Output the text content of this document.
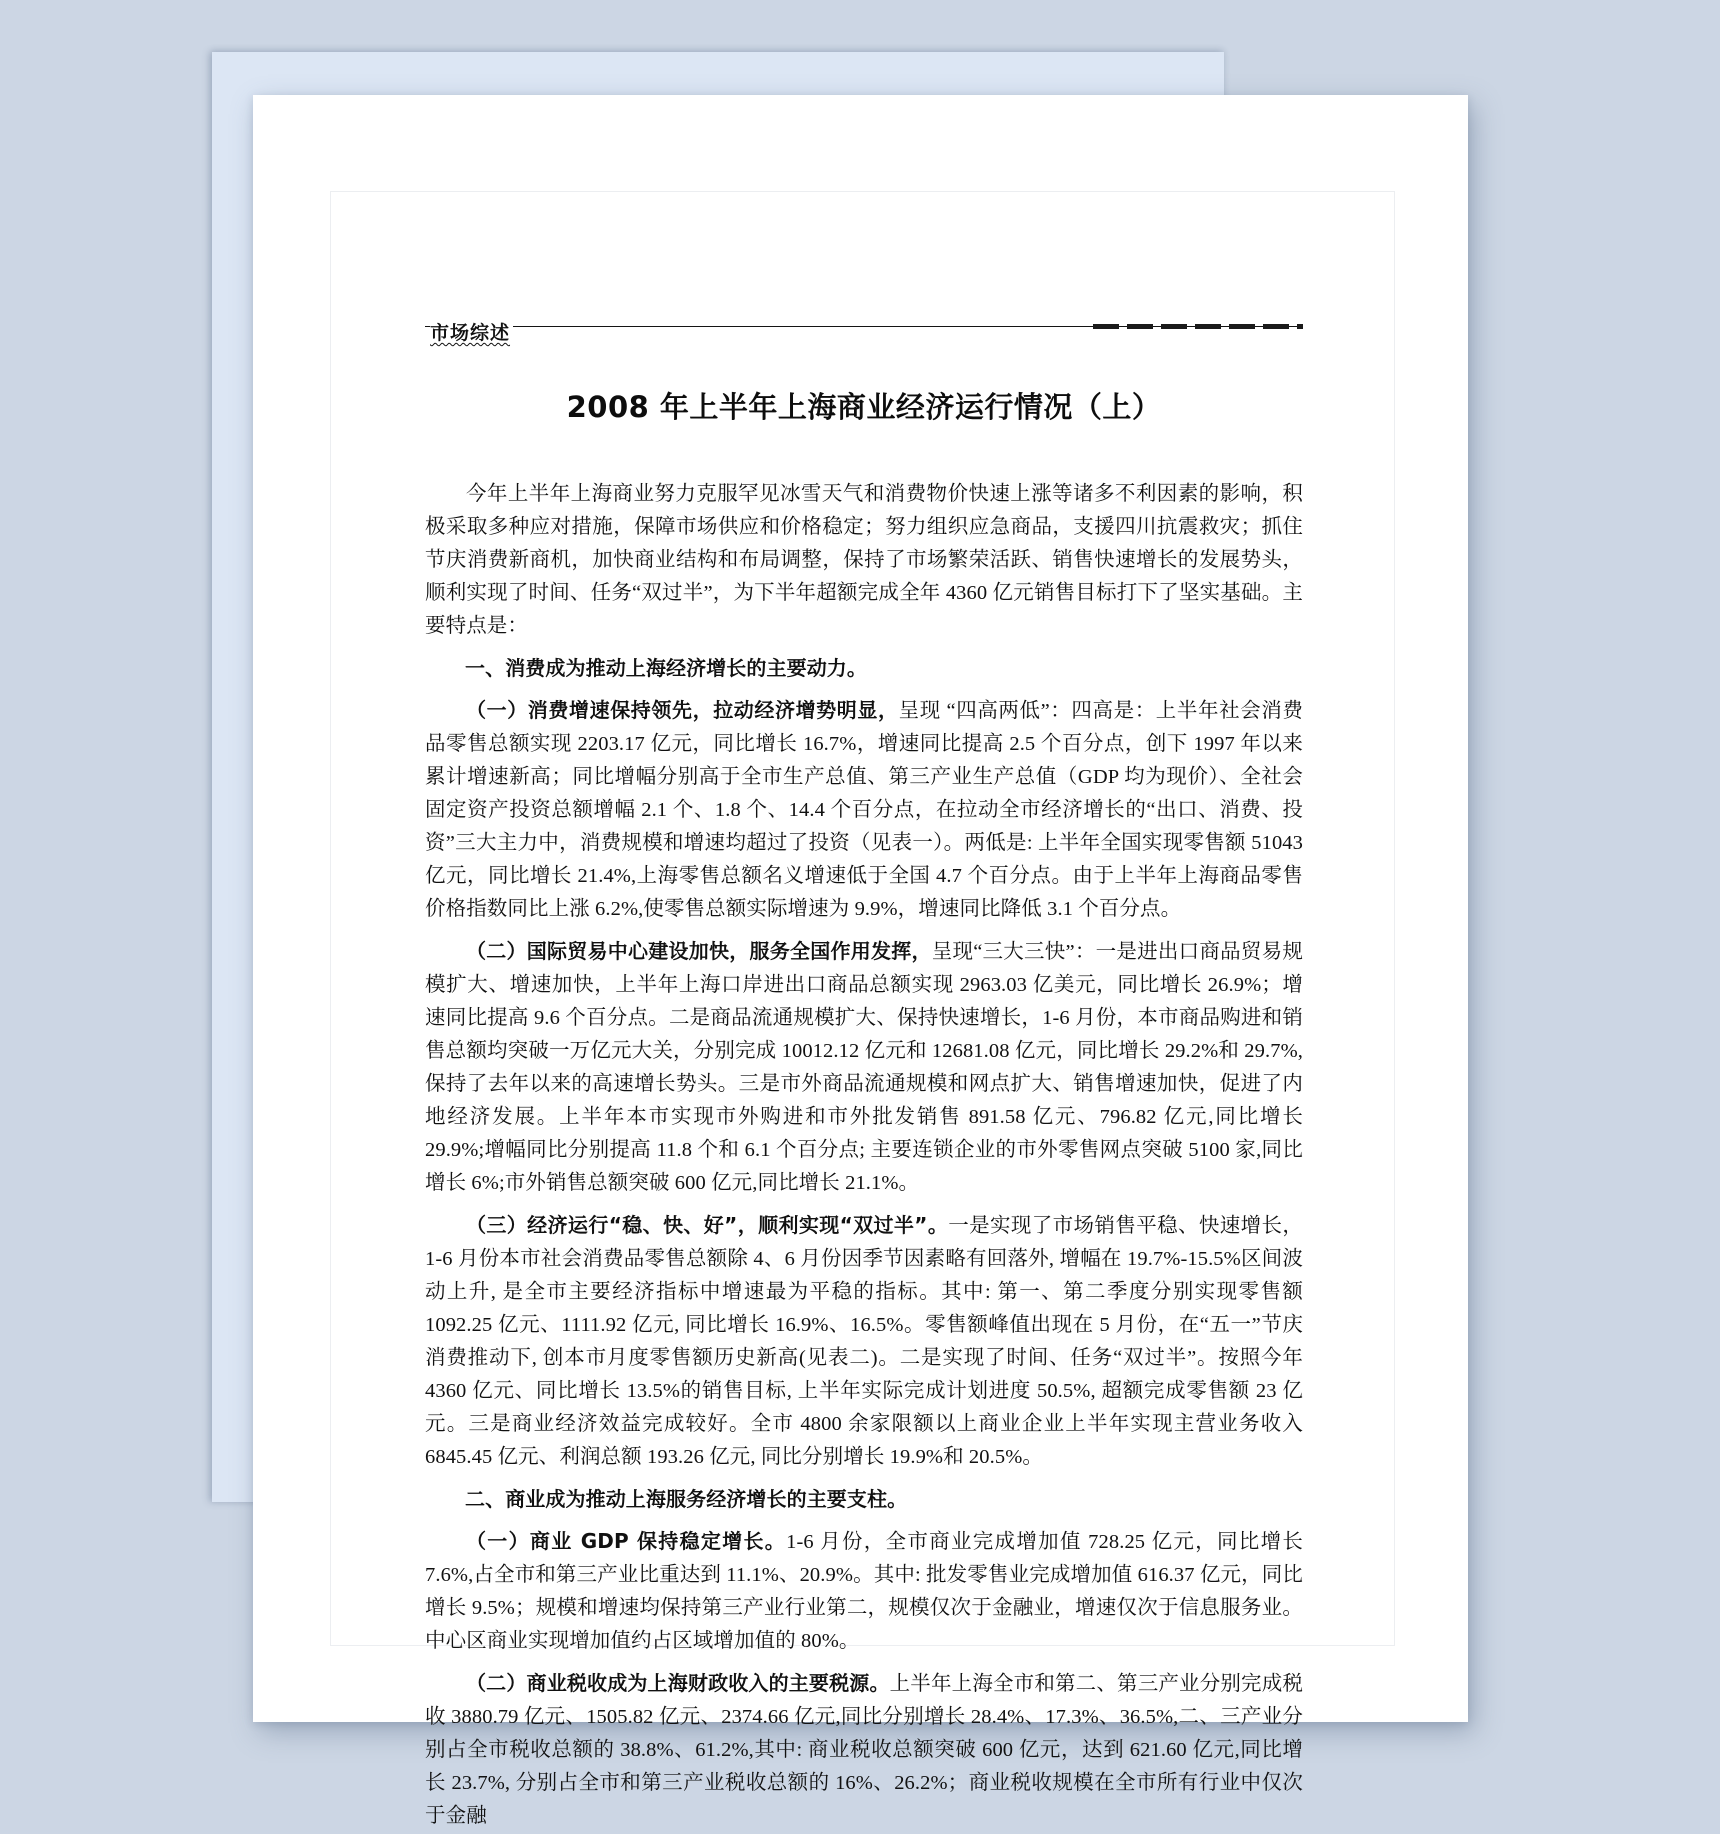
市场综述
2008 年上半年上海商业经济运行情况（上）

今年上半年上海商业努力克服罕见冰雪天气和消费物价快速上涨等诸多不利因素的影响，积极采取多种应对措施，保障市场供应和价格稳定；努力组织应急商品，支援四川抗震救灾；抓住节庆消费新商机，加快商业结构和布局调整，保持了市场繁荣活跃、销售快速增长的发展势头，顺利实现了时间、任务“双过半”，为下半年超额完成全年 4360 亿元销售目标打下了坚实基础。主要特点是：

一、消费成为推动上海经济增长的主要动力。

（一）消费增速保持领先，拉动经济增势明显，呈现 “四高两低”：四高是：上半年社会消费品零售总额实现 2203.17 亿元，同比增长 16.7%，增速同比提高 2.5 个百分点，创下 1997 年以来累计增速新高；同比增幅分别高于全市生产总值、第三产业生产总值（GDP 均为现价）、全社会固定资产投资总额增幅 2.1 个、1.8 个、14.4 个百分点，在拉动全市经济增长的“出口、消费、投资”三大主力中，消费规模和增速均超过了投资（见表一）。两低是: 上半年全国实现零售额 51043 亿元，同比增长 21.4%,上海零售总额名义增速低于全国 4.7 个百分点。由于上半年上海商品零售价格指数同比上涨 6.2%,使零售总额实际增速为 9.9%，增速同比降低 3.1 个百分点。

（二）国际贸易中心建设加快，服务全国作用发挥，呈现“三大三快”：一是进出口商品贸易规模扩大、增速加快，上半年上海口岸进出口商品总额实现 2963.03 亿美元，同比增长 26.9%；增速同比提高 9.6 个百分点。二是商品流通规模扩大、保持快速增长，1-6 月份，本市商品购进和销售总额均突破一万亿元大关，分别完成 10012.12 亿元和 12681.08 亿元，同比增长 29.2%和 29.7%,保持了去年以来的高速增长势头。三是市外商品流通规模和网点扩大、销售增速加快，促进了内地经济发展。上半年本市实现市外购进和市外批发销售 891.58 亿元、796.82 亿元,同比增长 29.9%;增幅同比分别提高 11.8 个和 6.1 个百分点; 主要连锁企业的市外零售网点突破 5100 家,同比增长 6%;市外销售总额突破 600 亿元,同比增长 21.1%。

（三）经济运行“稳、快、好”，顺利实现“双过半”。一是实现了市场销售平稳、快速增长，1-6 月份本市社会消费品零售总额除 4、6 月份因季节因素略有回落外, 增幅在 19.7%-15.5%区间波动上升, 是全市主要经济指标中增速最为平稳的指标。其中: 第一、第二季度分别实现零售额 1092.25 亿元、1111.92 亿元, 同比增长 16.9%、16.5%。零售额峰值出现在 5 月份，在“五一”节庆消费推动下, 创本市月度零售额历史新高(见表二)。二是实现了时间、任务“双过半”。按照今年 4360 亿元、同比增长 13.5%的销售目标, 上半年实际完成计划进度 50.5%, 超额完成零售额 23 亿元。三是商业经济效益完成较好。全市 4800 余家限额以上商业企业上半年实现主营业务收入 6845.45 亿元、利润总额 193.26 亿元, 同比分别增长 19.9%和 20.5%。

二、商业成为推动上海服务经济增长的主要支柱。

（一）商业 GDP 保持稳定增长。1-6 月份，全市商业完成增加值 728.25 亿元，同比增长 7.6%,占全市和第三产业比重达到 11.1%、20.9%。其中: 批发零售业完成增加值 616.37 亿元，同比增长 9.5%；规模和增速均保持第三产业行业第二，规模仅次于金融业，增速仅次于信息服务业。中心区商业实现增加值约占区域增加值的 80%。

（二）商业税收成为上海财政收入的主要税源。上半年上海全市和第二、第三产业分别完成税收 3880.79 亿元、1505.82 亿元、2374.66 亿元,同比分别增长 28.4%、17.3%、36.5%,二、三产业分别占全市税收总额的 38.8%、61.2%,其中: 商业税收总额突破 600 亿元，达到 621.60 亿元,同比增长 23.7%, 分别占全市和第三产业税收总额的 16%、26.2%；商业税收规模在全市所有行业中仅次于金融
